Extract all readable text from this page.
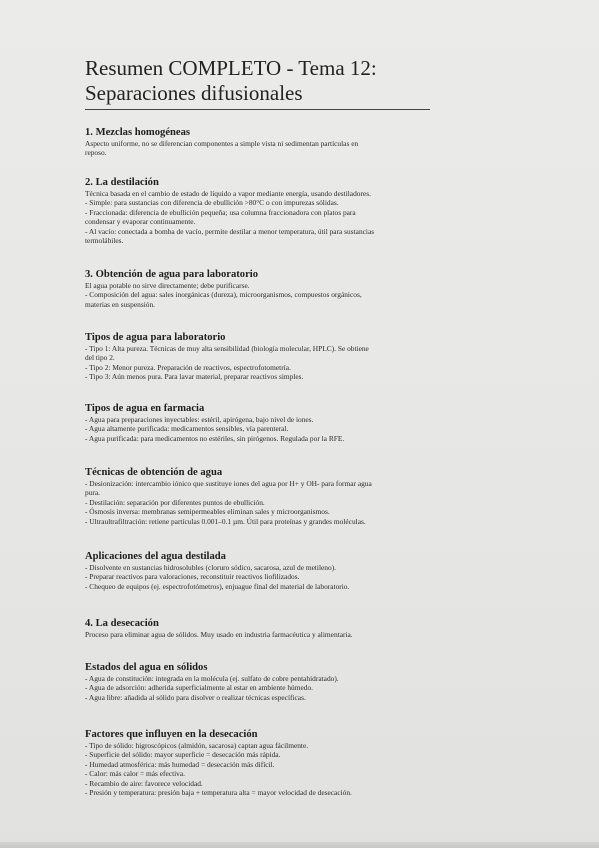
Resumen COMPLETO - Tema 12:
Separaciones difusionales
1. Mezclas homogéneas
Aspecto uniforme, no se diferencian componentes a simple vista ni sedimentan partículas en
reposo.
2. La destilación
Técnica basada en el cambio de estado de líquido a vapor mediante energía, usando destiladores.
- Simple: para sustancias con diferencia de ebullición >80°C o con impurezas sólidas.
- Fraccionada: diferencia de ebullición pequeña; usa columna fraccionadora con platos para
condensar y evaporar continuamente.
- Al vacío: conectada a bomba de vacío, permite destilar a menor temperatura, útil para sustancias
termolábiles.
3. Obtención de agua para laboratorio
El agua potable no sirve directamente; debe purificarse.
- Composición del agua: sales inorgánicas (dureza), microorganismos, compuestos orgánicos,
materias en suspensión.
Tipos de agua para laboratorio
- Tipo 1: Alta pureza. Técnicas de muy alta sensibilidad (biología molecular, HPLC). Se obtiene
del tipo 2.
- Tipo 2: Menor pureza. Preparación de reactivos, espectrofotometría.
- Tipo 3: Aún menos pura. Para lavar material, preparar reactivos simples.
Tipos de agua en farmacia
- Agua para preparaciones inyectables: estéril, apirógena, bajo nivel de iones.
- Agua altamente purificada: medicamentos sensibles, vía parenteral.
- Agua purificada: para medicamentos no estériles, sin pirógenos. Regulada por la RFE.
Técnicas de obtención de agua
- Desionización: intercambio iónico que sustituye iones del agua por H+ y OH- para formar agua
pura.
- Destilación: separación por diferentes puntos de ebullición.
- Ósmosis inversa: membranas semipermeables eliminan sales y microorganismos.
- Ultraultrafiltración: retiene partículas 0.001–0.1 µm. Útil para proteínas y grandes moléculas.
Aplicaciones del agua destilada
- Disolvente en sustancias hidrosolubles (cloruro sódico, sacarosa, azul de metileno).
- Preparar reactivos para valoraciones, reconstituir reactivos liofilizados.
- Chequeo de equipos (ej. espectrofotómetros), enjuague final del material de laboratorio.
4. La desecación
Proceso para eliminar agua de sólidos. Muy usado en industria farmacéutica y alimentaria.
Estados del agua en sólidos
- Agua de constitución: integrada en la molécula (ej. sulfato de cobre pentahidratado).
- Agua de adsorción: adherida superficialmente al estar en ambiente húmedo.
- Agua libre: añadida al sólido para disolver o realizar técnicas específicas.
Factores que influyen en la desecación
- Tipo de sólido: higroscópicos (almidón, sacarosa) captan agua fácilmente.
- Superficie del sólido: mayor superficie = desecación más rápida.
- Humedad atmosférica: más humedad = desecación más difícil.
- Calor: más calor = más efectiva.
- Recambio de aire: favorece velocidad.
- Presión y temperatura: presión baja + temperatura alta = mayor velocidad de desecación.
